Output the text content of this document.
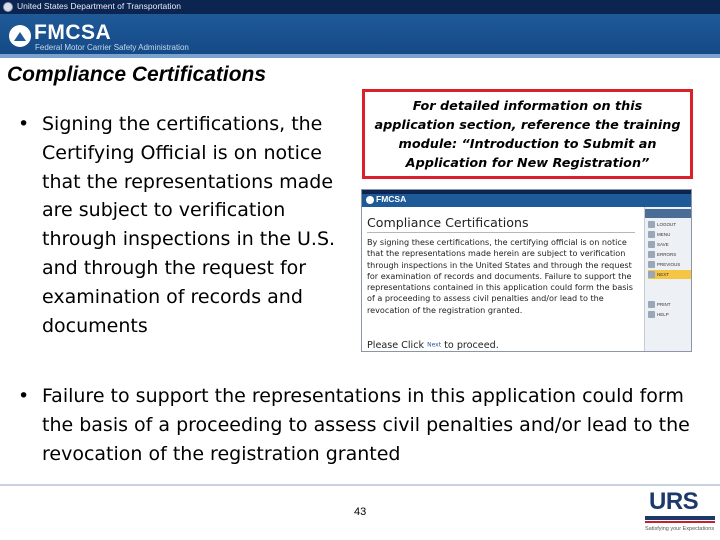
United States Department of Transportation
FMCSA
Federal Motor Carrier Safety Administration
Compliance Certifications
• Signing the certifications, the Certifying Official is on notice that the representations made are subject to verification through inspections in the U.S. and through the request for examination of records and documents
For detailed information on this application section, reference the training module: “Introduction to Submit an Application for New Registration”
FMCSA
Compliance Certifications
By signing these certifications, the certifying official is on notice that the representations made herein are subject to verification through inspections in the United States and through the request for examination of records and documents. Failure to support the representations contained in this application could form the basis of a proceeding to assess civil penalties and/or lead to the revocation of the registration granted.
Please Click Next to proceed.
LOGOUT
MENU
SAVE
ERRORS
PREVIOUS
NEXT
PRINT
HELP
• Failure to support the representations in this application could form the basis of a proceeding to assess civil penalties and/or lead to the revocation of the registration granted
43	URS
Satisfying your Expectations
